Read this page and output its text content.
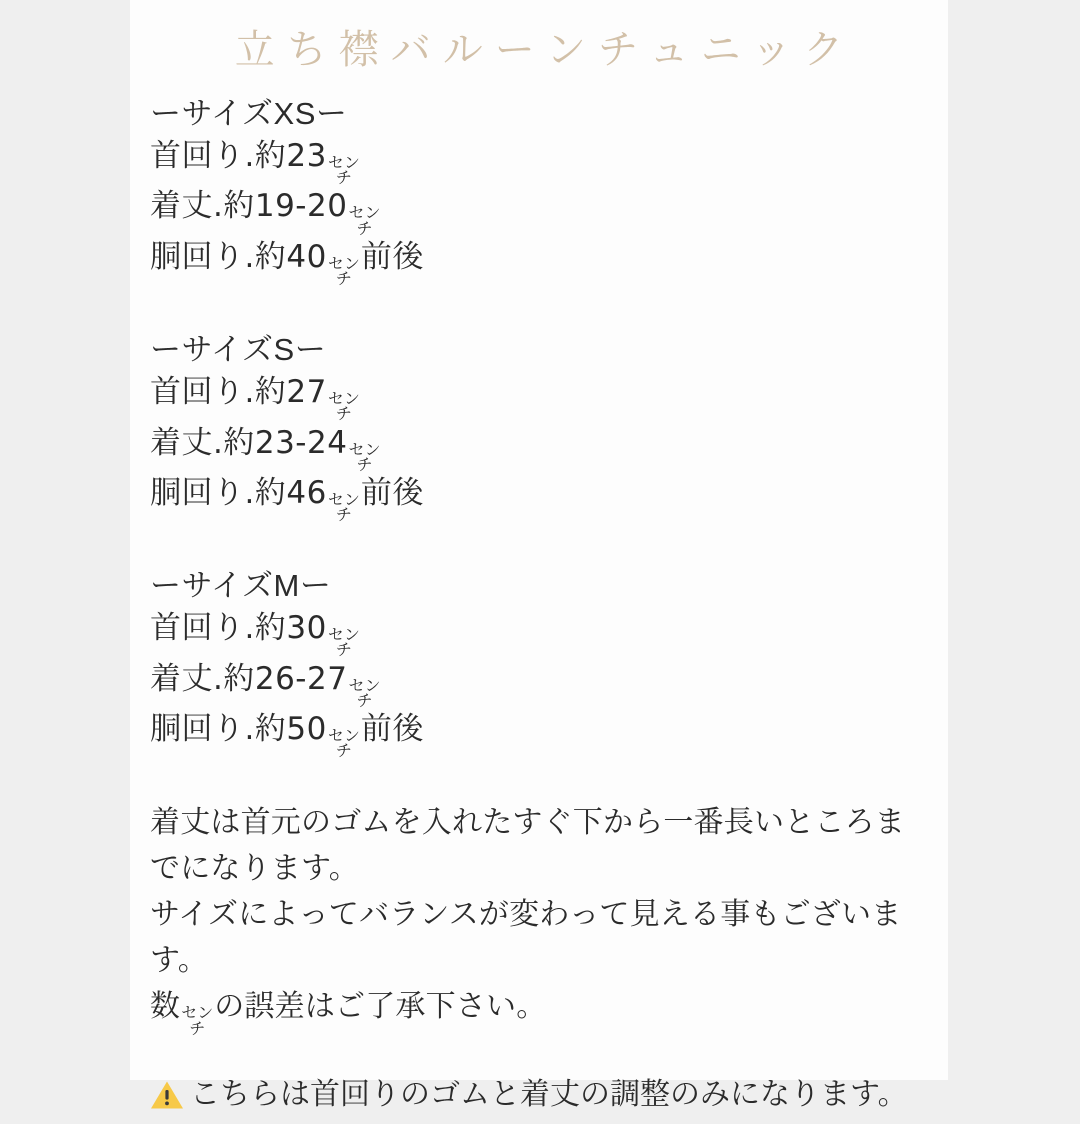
立ち襟バルーンチュニック
ーサイズXSー
首回り.約23 セン
チ
着丈.約19-20 セン
チ
胴回り.約40 セン
チ
前後
ーサイズSー
首回り.約27 セン
チ
着丈.約23-24 セン
チ
胴回り.約46 セン
チ
前後
ーサイズMー
首回り.約30 セン
チ
着丈.約26-27 セン
チ
胴回り.約50 セン
チ
前後
着丈は首元のゴムを入れたすぐ下から一番長いところまでになります。
サイズによってバランスが変わって見える事もございます。
数 セン
チ
の誤差はご了承下さい。
こちらは首回りのゴムと着丈の調整のみになります。
